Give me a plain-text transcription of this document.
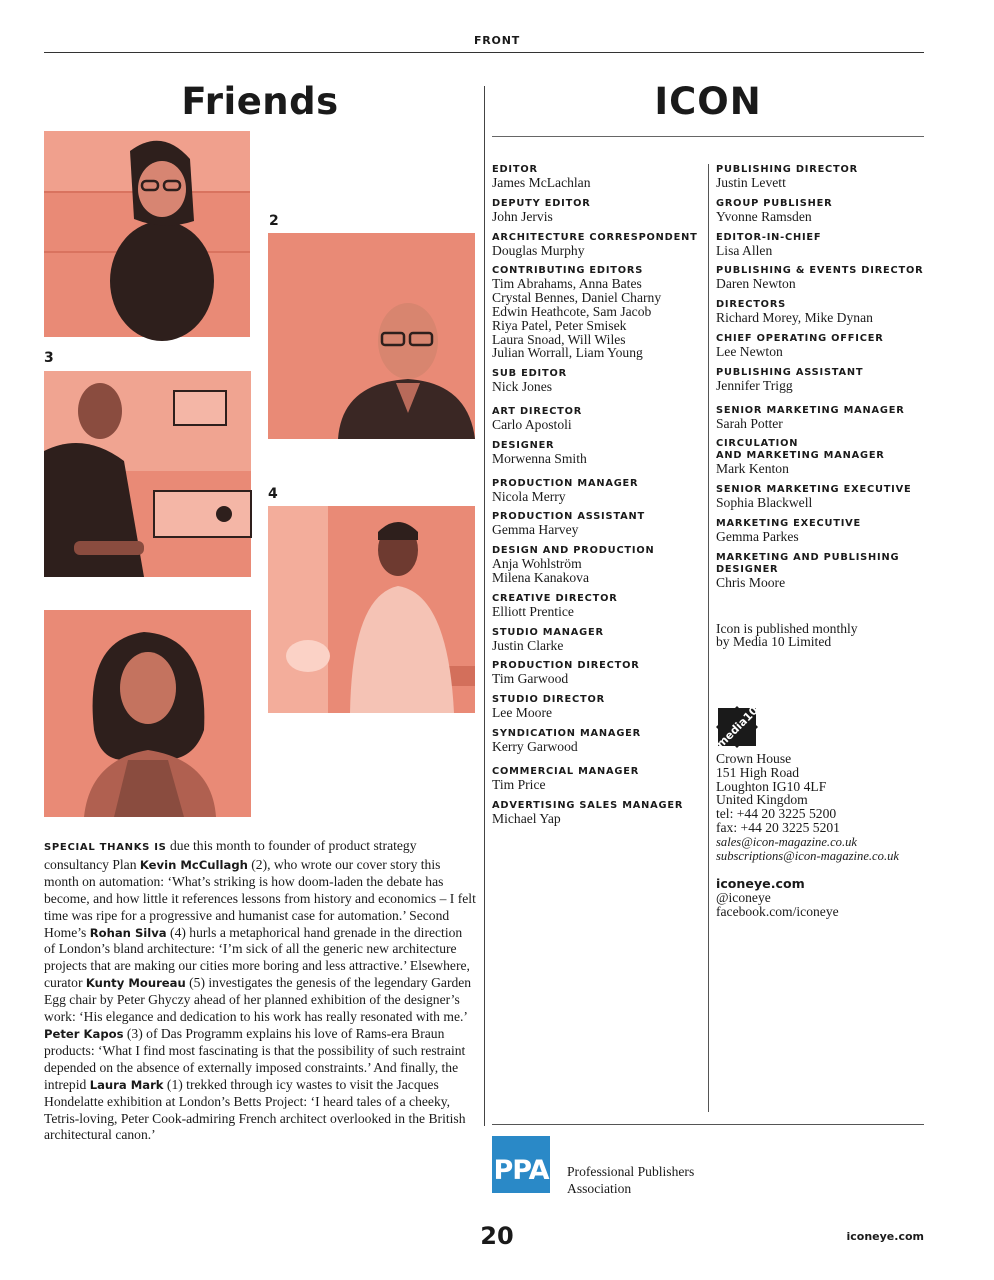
FRONT
Friends
2
3
4

SPECIAL THANKS IS due this month to founder of product strategy consultancy Plan Kevin McCullagh (2), who wrote our cover story this month on automation: ‘What’s striking is how doom-laden the debate has become, and how little it references lessons from history and economics – I felt time was ripe for a progressive and humanist case for automation.’ Second Home’s Rohan Silva (4) hurls a metaphorical hand grenade in the direction of London’s bland architecture: ‘I’m sick of all the generic new architecture projects that are making our cities more boring and less attractive.’ Elsewhere, curator Kunty Moureau (5) investigates the genesis of the legendary Garden Egg chair by Peter Ghyczy ahead of her planned exhibition of the designer’s work: ‘His elegance and dedication to his work has really resonated with me.’ Peter Kapos (3) of Das Programm explains his love of Rams-era Braun products: ‘What I find most fascinating is that the possibility of such restraint depended on the absence of externally imposed constraints.’ And finally, the intrepid Laura Mark (1) trekked through icy wastes to visit the Jacques Hondelatte exhibition at London’s Betts Project: ‘I heard tales of a cheeky, Tetris-loving, Peter Cook-admiring French architect overlooked in the British architectural canon.’

ICON
EDITOR
James McLachlan
DEPUTY EDITOR
John Jervis
ARCHITECTURE CORRESPONDENT
Douglas Murphy
CONTRIBUTING EDITORS
Tim Abrahams, Anna Bates
Crystal Bennes, Daniel Charny
Edwin Heathcote, Sam Jacob
Riya Patel, Peter Smisek
Laura Snoad, Will Wiles
Julian Worrall, Liam Young
SUB EDITOR
Nick Jones
ART DIRECTOR
Carlo Apostoli
DESIGNER
Morwenna Smith
PRODUCTION MANAGER
Nicola Merry
PRODUCTION ASSISTANT
Gemma Harvey
DESIGN AND PRODUCTION
Anja Wohlström
Milena Kanakova
CREATIVE DIRECTOR
Elliott Prentice
STUDIO MANAGER
Justin Clarke
PRODUCTION DIRECTOR
Tim Garwood
STUDIO DIRECTOR
Lee Moore
SYNDICATION MANAGER
Kerry Garwood
COMMERCIAL MANAGER
Tim Price
ADVERTISING SALES MANAGER
Michael Yap
PUBLISHING DIRECTOR
Justin Levett
GROUP PUBLISHER
Yvonne Ramsden
EDITOR-IN-CHIEF
Lisa Allen
PUBLISHING & EVENTS DIRECTOR
Daren Newton
DIRECTORS
Richard Morey, Mike Dynan
CHIEF OPERATING OFFICER
Lee Newton
PUBLISHING ASSISTANT
Jennifer Trigg
SENIOR MARKETING MANAGER
Sarah Potter
CIRCULATION
AND MARKETING MANAGER
Mark Kenton
SENIOR MARKETING EXECUTIVE
Sophia Blackwell
MARKETING EXECUTIVE
Gemma Parkes
MARKETING AND PUBLISHING
DESIGNER
Chris Moore
Icon is published monthly
by Media 10 Limited
media10
Crown House
151 High Road
Loughton IG10 4LF
United Kingdom
tel: +44 20 3225 5200
fax: +44 20 3225 5201
sales@icon-magazine.co.uk
subscriptions@icon-magazine.co.uk
iconeye.com
@iconeye
facebook.com/iconeye
PPA Professional Publishers
Association
20	iconeye.com
